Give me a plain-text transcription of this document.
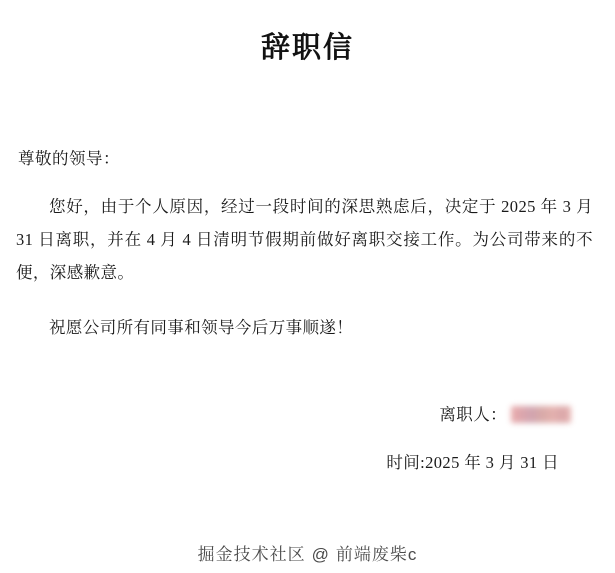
辞职信

尊敬的领导：

您好，由于个人原因，经过一段时间的深思熟虑后，决定于 2025 年 3 月 31 日离职，并在 4 月 4 日清明节假期前做好离职交接工作。为公司带来的不便，深感歉意。

祝愿公司所有同事和领导今后万事顺遂！

离职人：
时间: 2025 年 3 月 31 日
掘金技术社区 @ 前端废柴c
